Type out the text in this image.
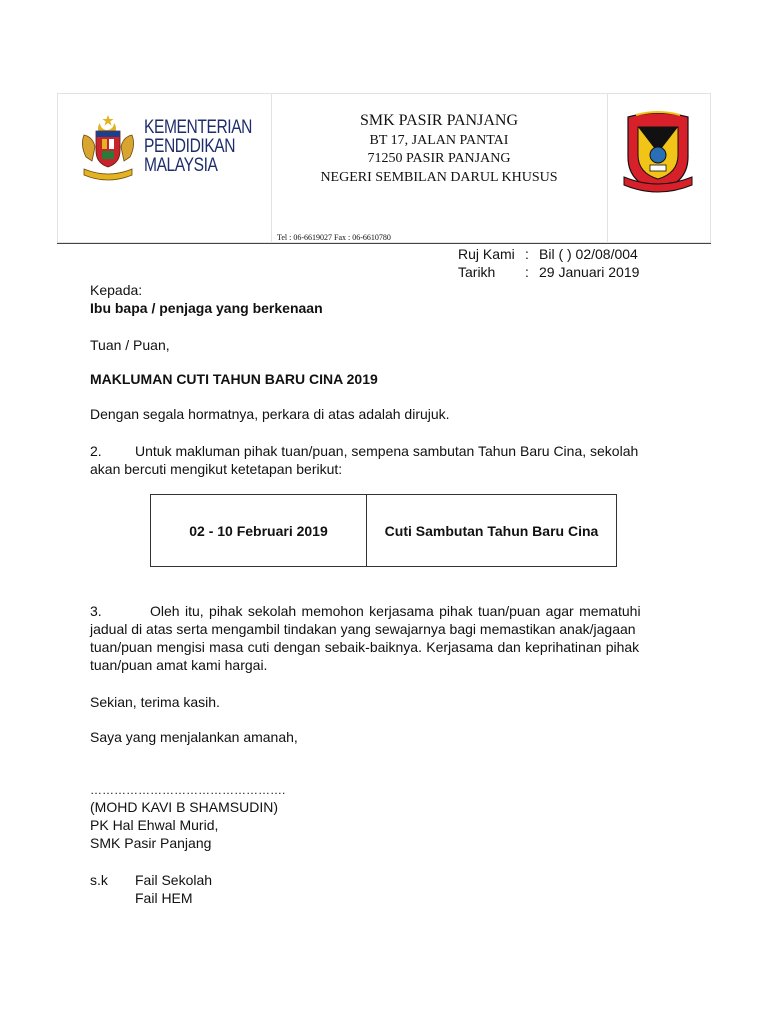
KEMENTERIAN
PENDIDIKAN
MALAYSIA
SMK PASIR PANJANG
BT 17, JALAN PANTAI
71250 PASIR PANJANG
NEGERI SEMBILAN DARUL KHUSUS
Tel : 06-6619027 Fax : 06-6610780
Ruj Kami : Bil ( ) 02/08/004
Tarikh : 29 Januari 2019
Kepada:
Ibu bapa / penjaga yang berkenaan
Tuan / Puan,
MAKLUMAN CUTI TAHUN BARU CINA 2019
Dengan segala hormatnya, perkara di atas adalah dirujuk.
2. Untuk makluman pihak tuan/puan, sempena sambutan Tahun Baru Cina, sekolah
akan bercuti mengikut ketetapan berikut:
02 - 10 Februari 2019	Cuti Sambutan Tahun Baru Cina
3.	Oleh itu, pihak sekolah memohon kerjasama pihak tuan/puan agar mematuhi
jadual di atas serta mengambil tindakan yang sewajarnya bagi memastikan anak/jagaan
tuan/puan mengisi masa cuti dengan sebaik-baiknya. Kerjasama dan keprihatinan pihak
tuan/puan amat kami hargai.
Sekian, terima kasih.
Saya yang menjalankan amanah,
………………………………………….
(MOHD KAVI B SHAMSUDIN)
PK Hal Ehwal Murid,
SMK Pasir Panjang
s.k Fail Sekolah
Fail HEM
